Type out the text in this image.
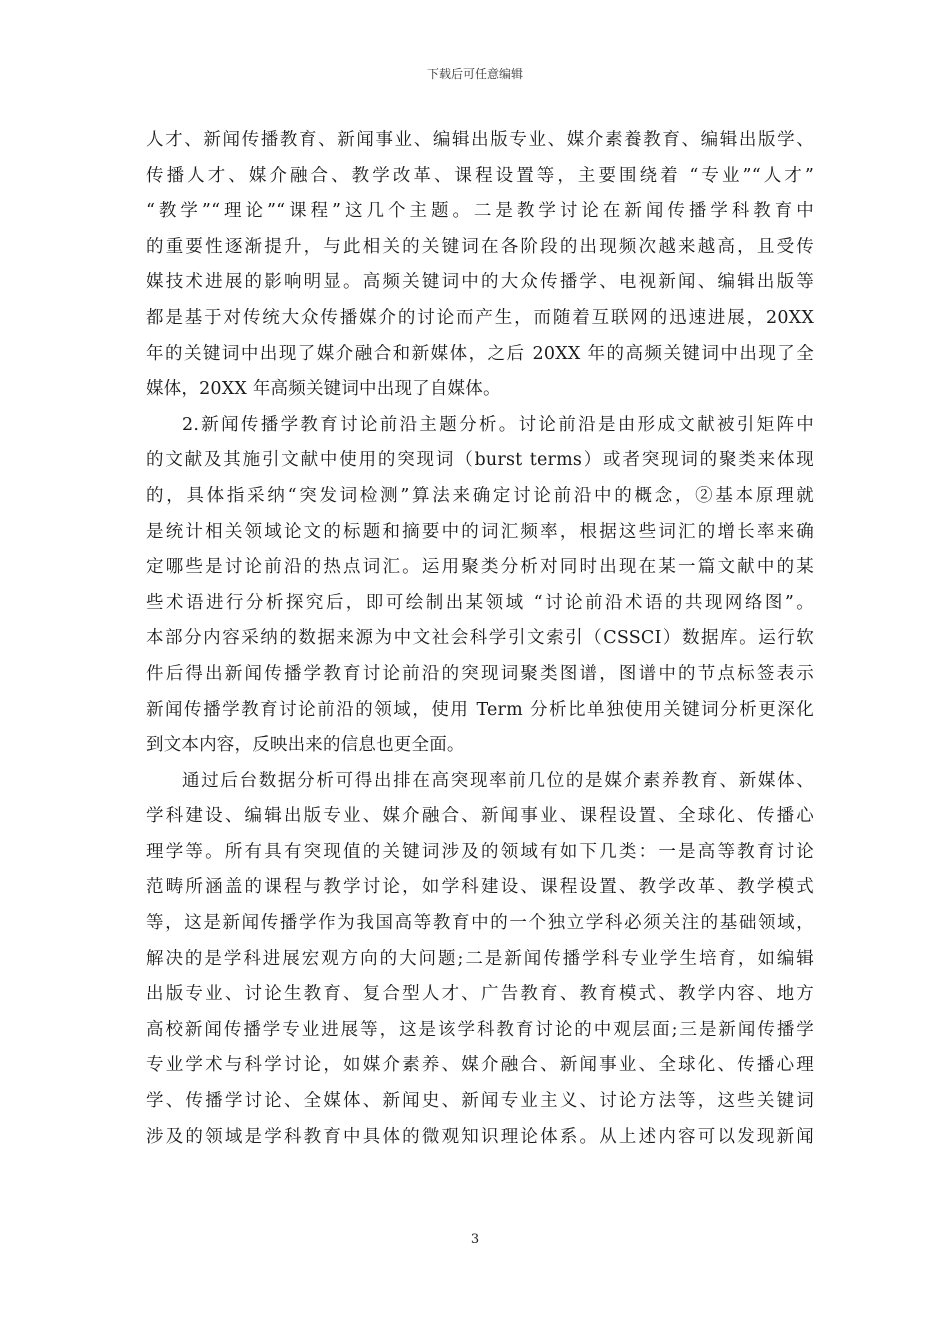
下载后可任意编辑
人才、新闻传播教育、新闻事业、编辑出版专业、媒介素養教育、编辑出版学、
传播人才、媒介融合、教学改革、课程设置等，主要围绕着 “专业”“人才”
“教学”“理论”“课程”这几个主题。二是教学讨论在新闻传播学科教育中
的重要性逐渐提升，与此相关的关键词在各阶段的出现频次越来越高，且受传
媒技术进展的影响明显。高频关键词中的大众传播学、电视新闻、编辑出版等
都是基于对传统大众传播媒介的讨论而产生，而随着互联网的迅速进展，20XX
年的关键词中出现了媒介融合和新媒体，之后 20XX 年的高频关键词中出现了全
媒体，20XX 年高频关键词中出现了自媒体。
2.新闻传播学教育讨论前沿主题分析。讨论前沿是由形成文献被引矩阵中
的文献及其施引文献中使用的突现词（burst terms）或者突现词的聚类来体现
的，具体指采纳“突发词检测”算法来确定讨论前沿中的概念，②基本原理就
是统计相关领域论文的标题和摘要中的词汇频率，根据这些词汇的增长率来确
定哪些是讨论前沿的热点词汇。运用聚类分析对同时出现在某一篇文献中的某
些术语进行分析探究后，即可绘制出某领域 “讨论前沿术语的共现网络图”。
本部分内容采纳的数据来源为中文社会科学引文索引（CSSCI）数据库。运行软
件后得出新闻传播学教育讨论前沿的突现词聚类图谱，图谱中的节点标签表示
新闻传播学教育讨论前沿的领域，使用 Term 分析比单独使用关键词分析更深化
到文本内容，反映出来的信息也更全面。
通过后台数据分析可得出排在高突现率前几位的是媒介素养教育、新媒体、
学科建设、编辑出版专业、媒介融合、新闻事业、课程设置、全球化、传播心
理学等。所有具有突现值的关键词涉及的领域有如下几类：一是高等教育讨论
范畴所涵盖的课程与教学讨论，如学科建设、课程设置、教学改革、教学模式
等，这是新闻传播学作为我国高等教育中的一个独立学科必须关注的基础领域，
解决的是学科进展宏观方向的大问题;二是新闻传播学科专业学生培育，如编辑
出版专业、讨论生教育、复合型人才、广告教育、教育模式、教学内容、地方
高校新闻传播学专业进展等，这是该学科教育讨论的中观层面;三是新闻传播学
专业学术与科学讨论，如媒介素养、媒介融合、新闻事业、全球化、传播心理
学、传播学讨论、全媒体、新闻史、新闻专业主义、讨论方法等，这些关键词
涉及的领域是学科教育中具体的微观知识理论体系。从上述内容可以发现新闻
3
